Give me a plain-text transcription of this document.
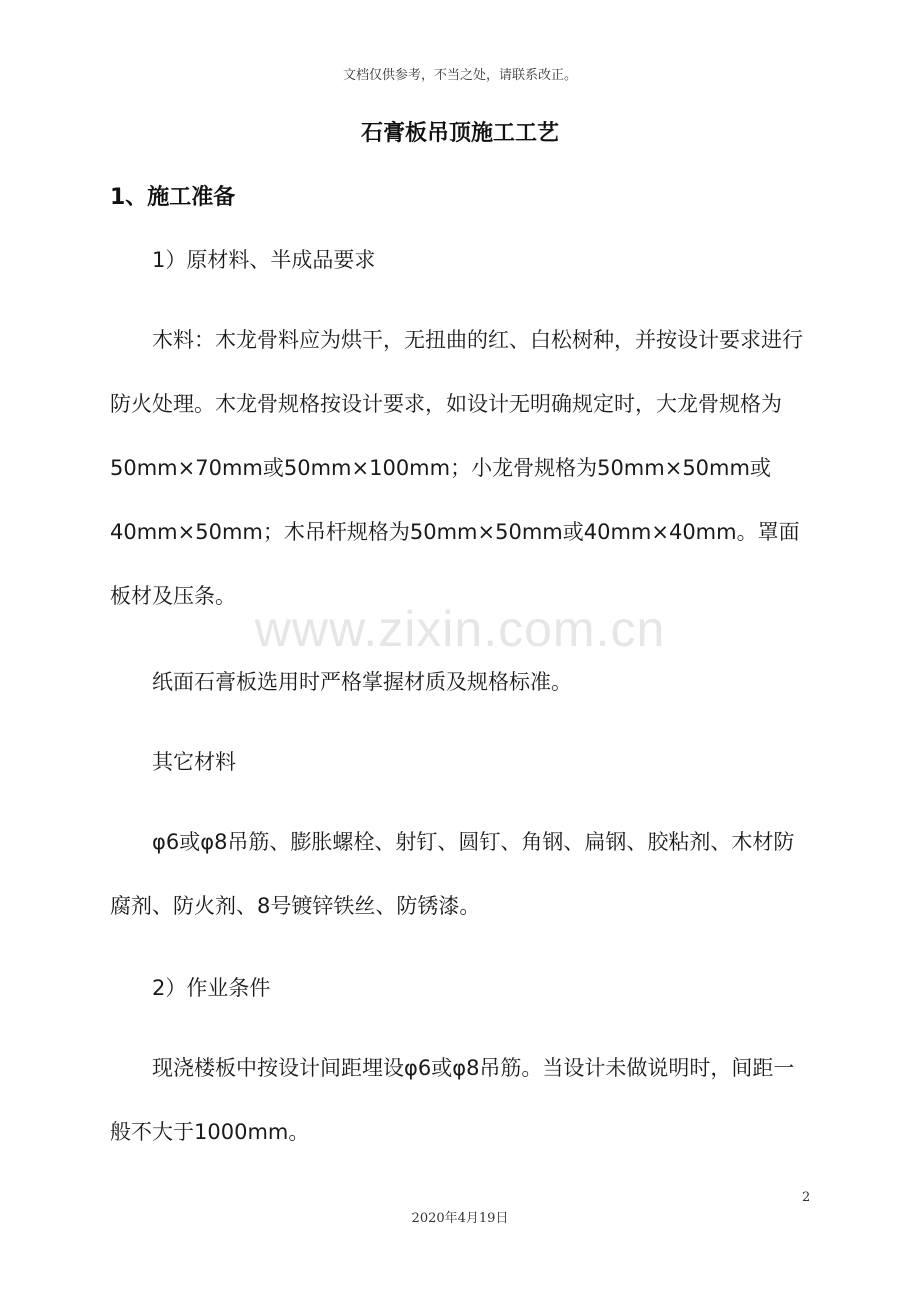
文档仅供参考，不当之处，请联系改正。
石膏板吊顶施工工艺
1、施工准备
1）原材料、半成品要求
木料：木龙骨料应为烘干，无扭曲的红、白松树种，并按设计要求进行防火处理。木龙骨规格按设计要求，如设计无明确规定时，大龙骨规格为50mm×70mm或50mm×100mm；小龙骨规格为50mm×50mm或40mm×50mm；木吊杆规格为50mm×50mm或40mm×40mm。罩面板材及压条。
纸面石膏板选用时严格掌握材质及规格标准。
其它材料
φ6或φ8吊筋、膨胀螺栓、射钉、圆钉、角钢、扁钢、胶粘剂、木材防腐剂、防火剂、8号镀锌铁丝、防锈漆。
2）作业条件
现浇楼板中按设计间距埋设φ6或φ8吊筋。当设计未做说明时，间距一般不大于1000mm。
www.zixin.com.cn
2
2020年4月19日
